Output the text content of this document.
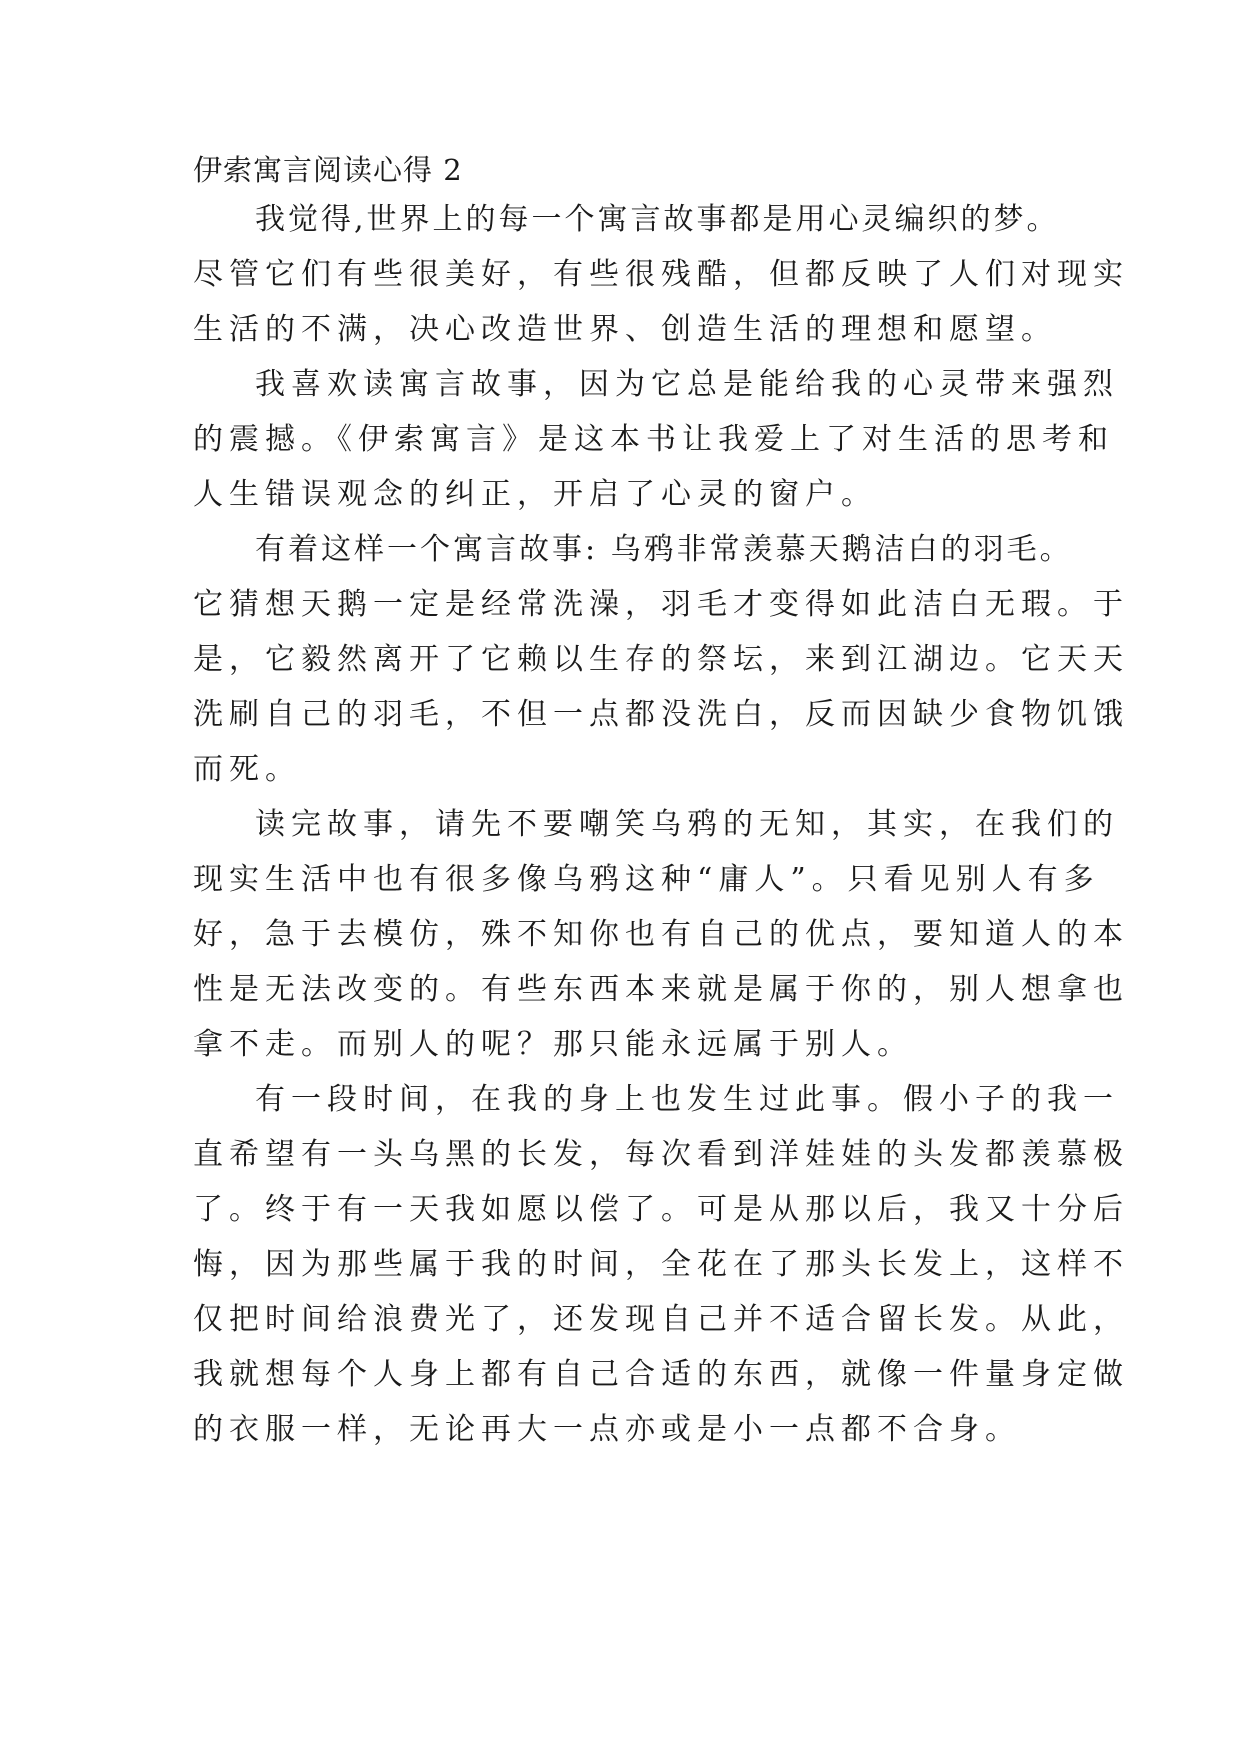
伊索寓言阅读心得 2
我觉得,世界上的每一个寓言故事都是用心灵编织的梦。
尽管它们有些很美好，有些很残酷，但都反映了人们对现实
生活的不满，决心改造世界、创造生活的理想和愿望。
我喜欢读寓言故事，因为它总是能给我的心灵带来强烈
的震撼。《伊索寓言》是这本书让我爱上了对生活的思考和
人生错误观念的纠正，开启了心灵的窗户。
有着这样一个寓言故事: 乌鸦非常羡慕天鹅洁白的羽毛。
它猜想天鹅一定是经常洗澡，羽毛才变得如此洁白无瑕。于
是，它毅然离开了它赖以生存的祭坛，来到江湖边。它天天
洗刷自己的羽毛，不但一点都没洗白，反而因缺少食物饥饿
而死。
读完故事，请先不要嘲笑乌鸦的无知，其实，在我们的
现实生活中也有很多像乌鸦这种“庸人”。只看见别人有多
好，急于去模仿，殊不知你也有自己的优点，要知道人的本
性是无法改变的。有些东西本来就是属于你的，别人想拿也
拿不走。而别人的呢？那只能永远属于别人。
有一段时间，在我的身上也发生过此事。假小子的我一
直希望有一头乌黑的长发，每次看到洋娃娃的头发都羡慕极
了。终于有一天我如愿以偿了。可是从那以后，我又十分后
悔，因为那些属于我的时间，全花在了那头长发上，这样不
仅把时间给浪费光了，还发现自己并不适合留长发。从此，
我就想每个人身上都有自己合适的东西，就像一件量身定做
的衣服一样，无论再大一点亦或是小一点都不合身。
